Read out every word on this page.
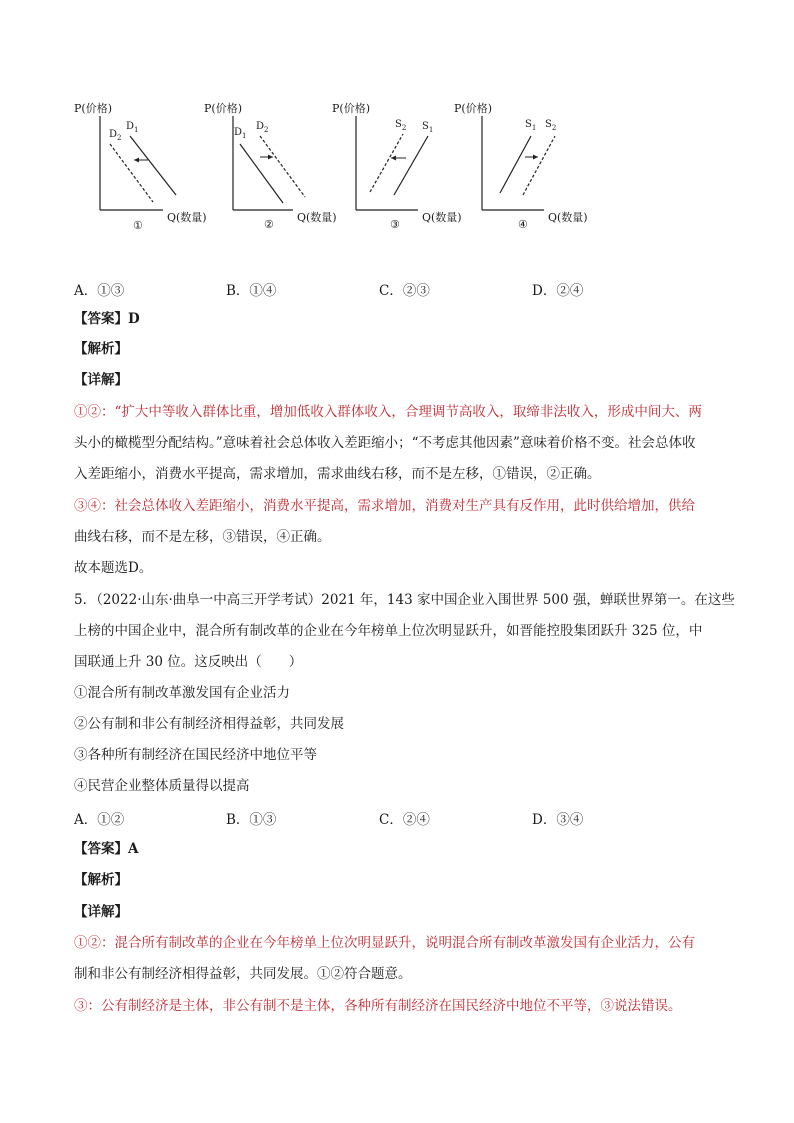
P(价格)
Q(数量)
①
$D_2$
$D_1$
P(价格)
Q(数量)
②
$D_1$
$D_2$
P(价格)
Q(数量)
③
$S_2$ $S_1$
P(价格)
Q(数量)
④
$S_1$ $S_2$
A．①③	B．①④	C．②③	D．②④
【答案】D
【解析】
【详解】
①②：“扩大中等收入群体比重，增加低收入群体收入，合理调节高收入，取缔非法收入，形成中间大、两
头小的橄榄型分配结构。”意味着社会总体收入差距缩小；“不考虑其他因素”意味着价格不变。社会总体收
入差距缩小，消费水平提高，需求增加，需求曲线右移，而不是左移，①错误，②正确。
③④：社会总体收入差距缩小，消费水平提高，需求增加，消费对生产具有反作用，此时供给增加，供给
曲线右移，而不是左移，③错误，④正确。
故本题选D。
5．（2022·山东·曲阜一中高三开学考试）2021 年，143 家中国企业入围世界 500 强，蝉联世界第一。在这些
上榜的中国企业中，混合所有制改革的企业在今年榜单上位次明显跃升，如晋能控股集团跃升 325 位，中
国联通上升 30 位。这反映出（　　）
①混合所有制改革激发国有企业活力
②公有制和非公有制经济相得益彰，共同发展
③各种所有制经济在国民经济中地位平等
④民营企业整体质量得以提高
A．①②	B．①③	C．②④	D．③④
【答案】A
【解析】
【详解】
①②：混合所有制改革的企业在今年榜单上位次明显跃升，说明混合所有制改革激发国有企业活力，公有
制和非公有制经济相得益彰，共同发展。①②符合题意。
③：公有制经济是主体，非公有制不是主体，各种所有制经济在国民经济中地位不平等，③说法错误。
